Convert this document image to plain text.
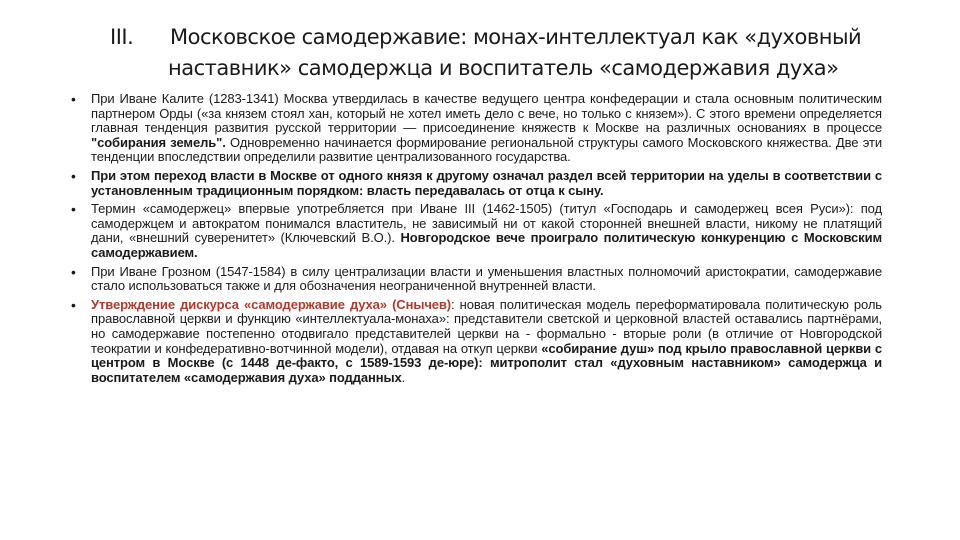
III.	Московское самодержавие: монах-интеллектуал как «духовный
наставник» самодержца и воспитатель «самодержавия духа»
• При Иване Калите (1283-1341) Москва утвердилась в качестве ведущего центра конфедерации и стала основным политическим партнером Орды («за князем стоял хан, который не хотел иметь дело с вече, но только с князем»). С этого времени определяется главная тенденция развития русской территории — присоединение княжеств к Москве на различных основаниях в процессе "собирания земель". Одновременно начинается формирование региональной структуры самого Московского княжества. Две эти тенденции впоследствии определили развитие централизованного государства.
• При этом переход власти в Москве от одного князя к другому означал раздел всей территории на уделы в соответствии с установленным традиционным порядком: власть передавалась от отца к сыну.
• Термин «самодержец» впервые употребляется при Иване III (1462-1505) (титул «Господарь и самодержец всея Руси»): под самодержцем и автократом понимался властитель, не зависимый ни от какой сторонней внешней власти, никому не платящий дани, «внешний суверенитет» (Ключевский В.О.). Новгородское вече проиграло политическую конкуренцию с Московским самодержавием.
• При Иване Грозном (1547-1584) в силу централизации власти и уменьшения властных полномочий аристократии, самодержавие стало использоваться также и для обозначения неограниченной внутренней власти.
• Утверждение дискурса «самодержавие духа» (Снычев): новая политическая модель переформатировала политическую роль православной церкви и функцию «интеллектуала-монаха»: представители светской и церковной властей оставались партнёрами, но самодержавие постепенно отодвигало представителей церкви на - формально - вторые роли (в отличие от Новгородской теократии и конфедеративно-вотчинной модели), отдавая на откуп церкви «собирание душ» под крыло православной церкви с центром в Москве (с 1448 де-факто, с 1589-1593 де-юре): митрополит стал «духовным наставником» самодержца и воспитателем «самодержавия духа» подданных.
